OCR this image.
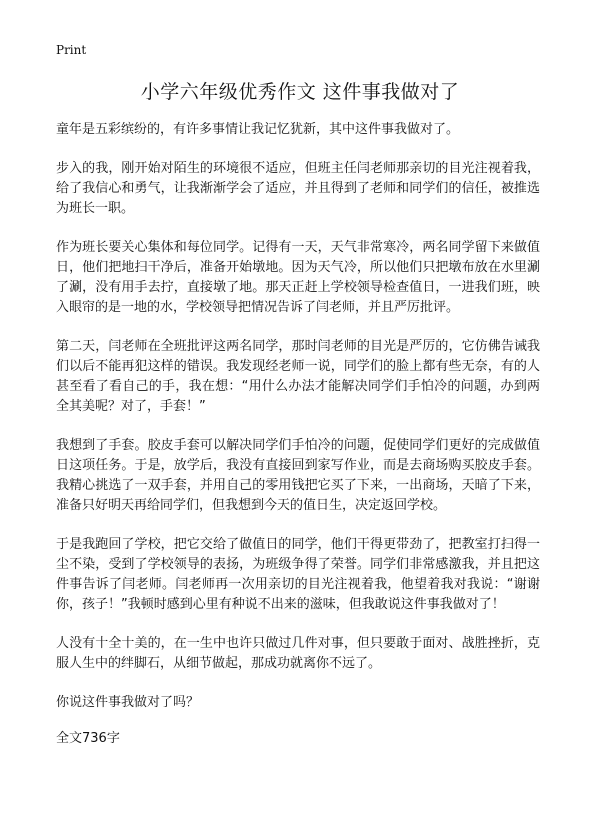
Print
小学六年级优秀作文 这件事我做对了

童年是五彩缤纷的，有许多事情让我记忆犹新，其中这件事我做对了。

步入的我，刚开始对陌生的环境很不适应，但班主任闫老师那亲切的目光注视着我，给了我信心和勇气，让我渐渐学会了适应，并且得到了老师和同学们的信任，被推选为班长一职。

作为班长要关心集体和每位同学。记得有一天，天气非常寒冷，两名同学留下来做值日，他们把地扫干净后，准备开始墩地。因为天气冷，所以他们只把墩布放在水里涮了涮，没有用手去拧，直接墩了地。那天正赶上学校领导检查值日，一进我们班，映入眼帘的是一地的水，学校领导把情况告诉了闫老师，并且严厉批评。

第二天，闫老师在全班批评这两名同学，那时闫老师的目光是严厉的，它仿佛告诫我们以后不能再犯这样的错误。我发现经老师一说，同学们的脸上都有些无奈，有的人甚至看了看自己的手，我在想：“用什么办法才能解决同学们手怕冷的问题，办到两全其美呢？对了，手套！”

我想到了手套。胶皮手套可以解决同学们手怕冷的问题，促使同学们更好的完成做值日这项任务。于是，放学后，我没有直接回到家写作业，而是去商场购买胶皮手套。我精心挑选了一双手套，并用自己的零用钱把它买了下来，一出商场，天暗了下来，准备只好明天再给同学们，但我想到今天的值日生，决定返回学校。

于是我跑回了学校，把它交给了做值日的同学，他们干得更带劲了，把教室打扫得一尘不染，受到了学校领导的表扬，为班级争得了荣誉。同学们非常感激我，并且把这件事告诉了闫老师。闫老师再一次用亲切的目光注视着我，他望着我对我说：“谢谢你，孩子！”我顿时感到心里有种说不出来的滋味，但我敢说这件事我做对了！

人没有十全十美的，在一生中也许只做过几件对事，但只要敢于面对、战胜挫折，克服人生中的绊脚石，从细节做起，那成功就离你不远了。

你说这件事我做对了吗？

全文736字
